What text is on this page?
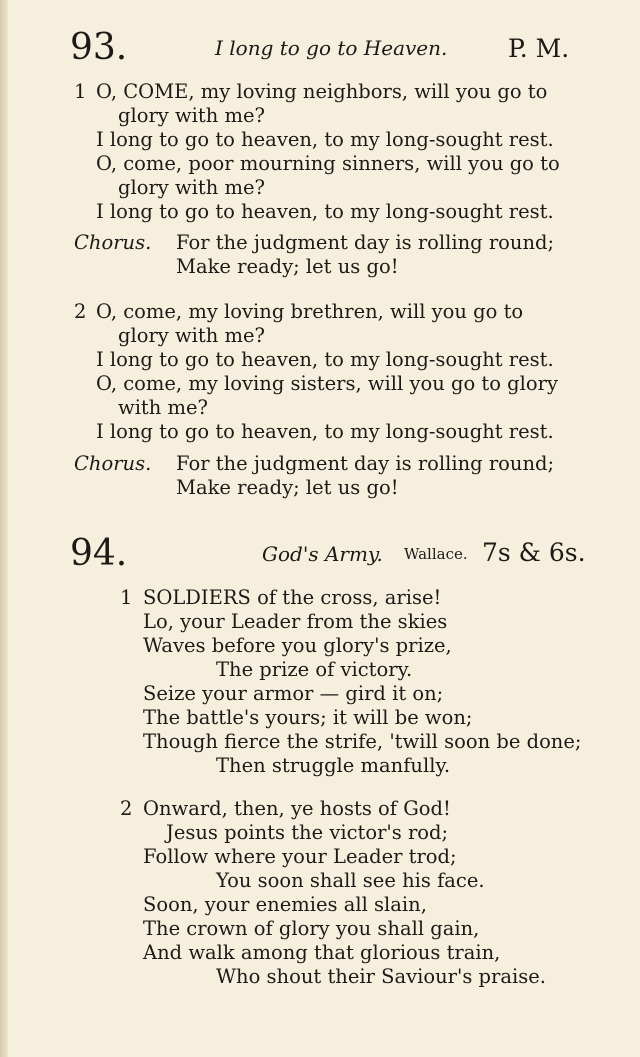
93.	I long to go to Heaven. P. M.
1 O, COME, my loving neighbors, will you go to
glory with me?
I long to go to heaven, to my long-sought rest.
O, come, poor mourning sinners, will you go to
glory with me?
I long to go to heaven, to my long-sought rest.
Chorus. For the judgment day is rolling round;
Make ready; let us go!
2 O, come, my loving brethren, will you go to
glory with me?
I long to go to heaven, to my long-sought rest.
O, come, my loving sisters, will you go to glory
with me?
I long to go to heaven, to my long-sought rest.
Chorus. For the judgment day is rolling round;
Make ready; let us go!
94.	God's Army. Wallace. 7s & 6s.
1 SOLDIERS of the cross, arise!
Lo, your Leader from the skies
Waves before you glory's prize,
The prize of victory.
Seize your armor — gird it on;
The battle's yours; it will be won;
Though fierce the strife, 'twill soon be done;
Then struggle manfully.
2 Onward, then, ye hosts of God!
Jesus points the victor's rod;
Follow where your Leader trod;
You soon shall see his face.
Soon, your enemies all slain,
The crown of glory you shall gain,
And walk among that glorious train,
Who shout their Saviour's praise.
